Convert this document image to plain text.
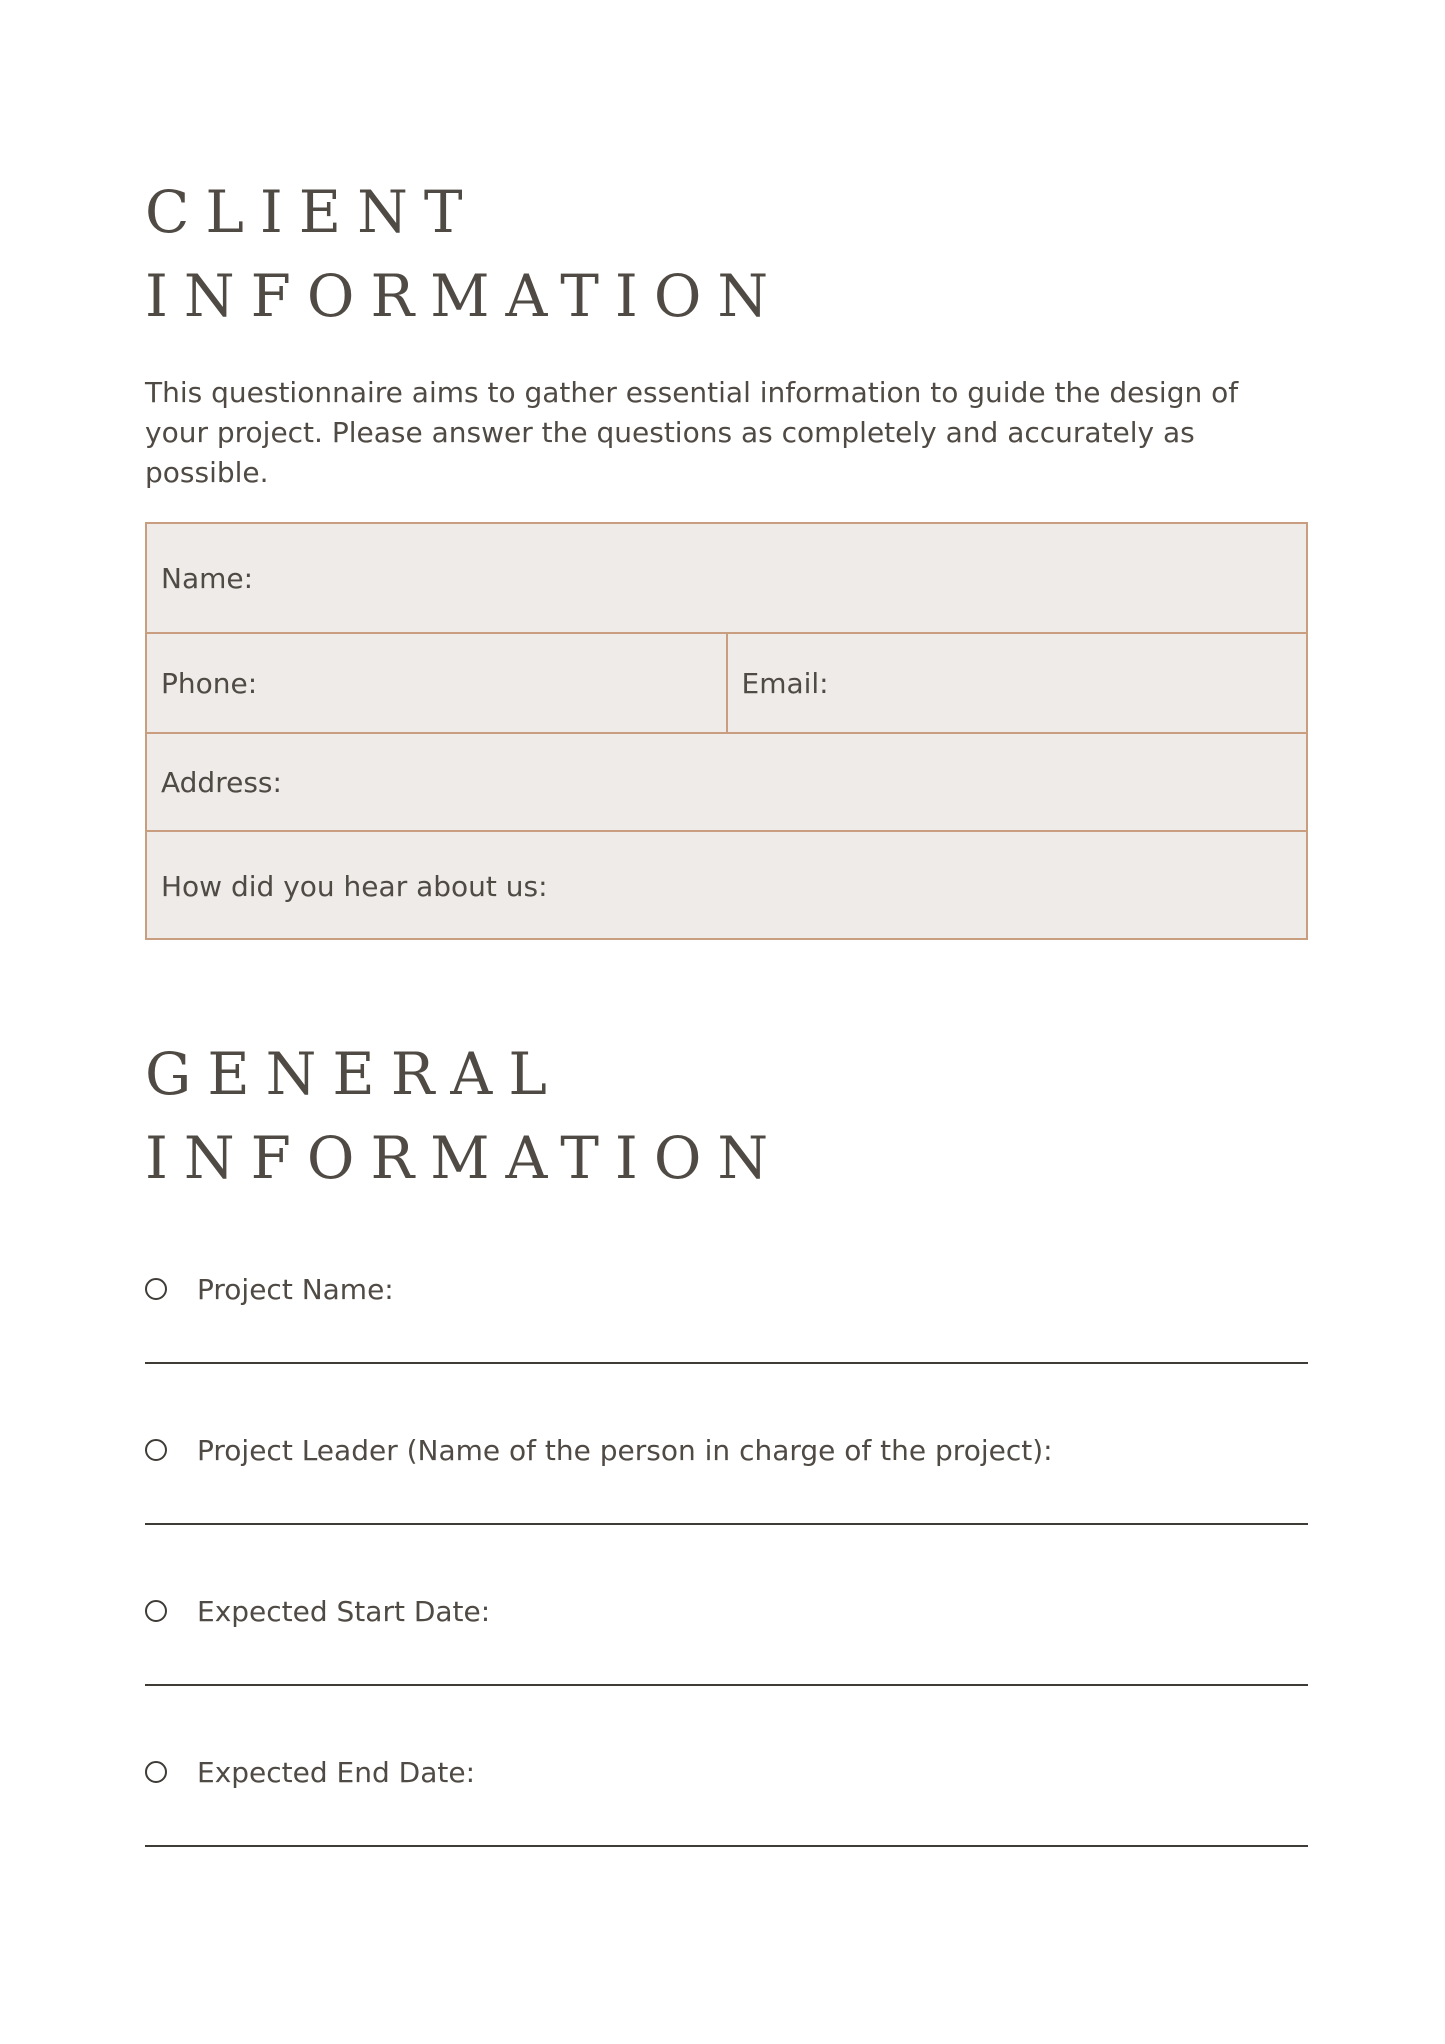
CLIENT
INFORMATION

This questionnaire aims to gather essential information to guide the design of your project. Please answer the questions as completely and accurately as possible.

Name:
Phone:	Email:
Address:
How did you hear about us:
GENERAL
INFORMATION
Project Name:
Project Leader (Name of the person in charge of the project):
Expected Start Date:
Expected End Date:
